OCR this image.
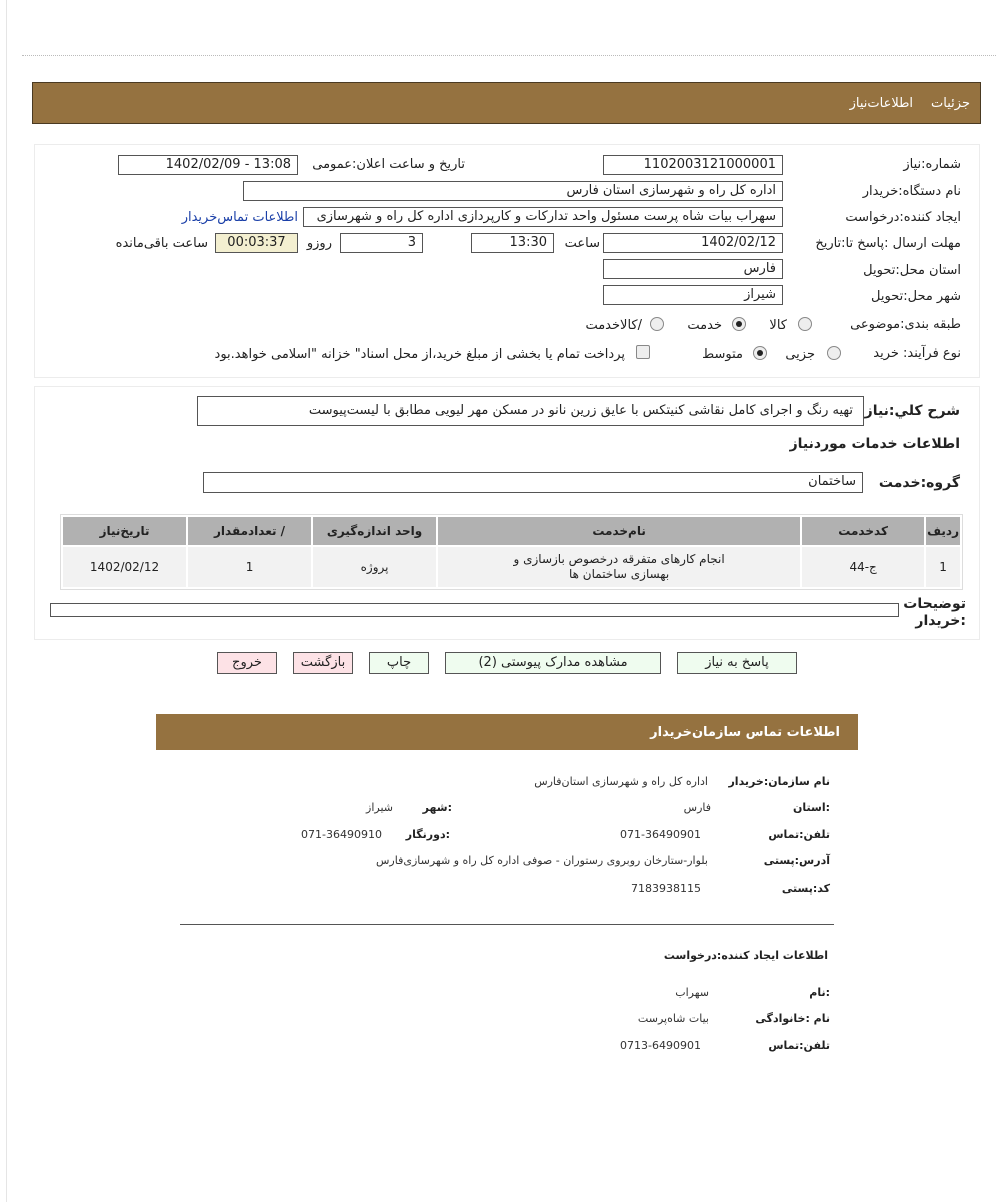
جزئیات
اطلاعات‌نیاز
شماره:نیاز
1102003121000001
تاریخ و ساعت اعلان:عمومی
1402/02/09 - 13:08
نام دستگاه:خریدار
اداره کل راه و شهرسازی استان فارس
ایجاد کننده:درخواست
سهراب بیات شاه پرست مسئول واحد تدارکات و کارپردازی اداره کل راه و شهرسازی
اطلاعات تماس‌خریدار
مهلت ارسال :پاسخ تا:تاریخ
1402/02/12
ساعت
13:30
3
روزو
00:03:37
ساعت باقی‌مانده
استان محل:تحویل
فارس
شهر محل:تحویل
شیراز
طبقه بندی:موضوعی
کالا
خدمت
/کالاخدمت
نوع فرآیند: خرید
جزیی
متوسط
پرداخت تمام یا بخشی از مبلغ خرید،از محل اسناد" خزانه "اسلامی خواهد.بود
شرح کلي:نیاز
تهیه رنگ و اجرای کامل نقاشی کنیتکس با عایق زرین نانو در مسکن مهر لیویی مطابق با لیست‌پیوست
اطلاعات خدمات موردنیاز
گروه:خدمت
ساختمان
ردیف	کدخدمت	نام‌خدمت	واحد اندازه‌گیری	/ تعدادمقدار	تاریخ‌نیاز
1	ج-44	انجام کارهای متفرقه درخصوص بازسازی و
بهسازی ساختمان ها	پروژه	1	1402/02/12
توضیحات
:خریدار
پاسخ به نیاز
مشاهده مدارک پیوستی (2)
چاپ
بازگشت
خروج
اطلاعات تماس سازمان‌خریدار
نام سازمان:خریدار
اداره کل راه و شهرسازی استان‌فارس
:استان
فارس
:شهر
شیراز
تلفن:تماس
071-36490901
:دورنگار
071-36490910
آدرس:پستی
بلوار-ستارخان روبروی رستوران - صوفی اداره کل راه و شهرسازی‌فارس
کد:پستی
7183938115
اطلاعات ایجاد کننده:درخواست
:نام
سهراب
نام :خانوادگی
بیات شاه‌پرست
تلفن:تماس
0713-6490901
